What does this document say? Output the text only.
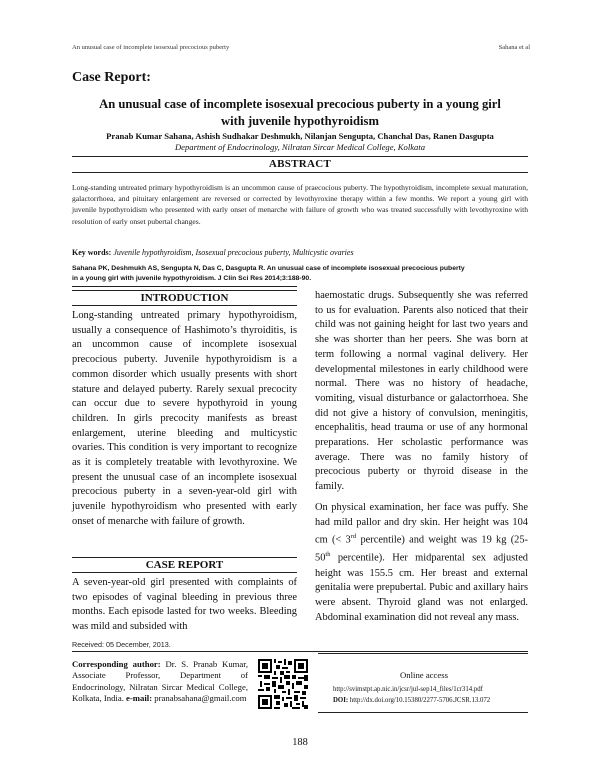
An unusual case of incomplete isosexual precocious puberty	Sahana et al
Case Report:
An unusual case of incomplete isosexual precocious puberty in a young girl
with juvenile hypothyroidism
Pranab Kumar Sahana, Ashish Sudhakar Deshmukh, Nilanjan Sengupta, Chanchal Das, Ranen Dasgupta
Department of Endocrinology, Nilratan Sircar Medical College, Kolkata
ABSTRACT
Long-standing untreated primary hypothyroidism is an uncommon cause of praecocious puberty. The hypothyroidism, incomplete sexual maturation, galactorrhoea, and pituitary enlargement are reversed or corrected by levothyroxine therapy within a few months. We report a young girl with juvenile hypothyroidism who presented with early onset of menarche with failure of growth who was treated successfully with levothyroxine with resolution of early onset pubertal changes.
Key words: Juvenile hypothyroidism, Isosexual precocious puberty, Multicystic ovaries
Sahana PK, Deshmukh AS, Sengupta N, Das C, Dasgupta R. An unusual case of incomplete isosexual precocious puberty
in a young girl with juvenile hypothyroidism. J Clin Sci Res 2014;3:188-90.
INTRODUCTION

Long-standing untreated primary hypothyroidism, usually a consequence of Hashimoto’s thyroiditis, is an uncommon cause of incomplete isosexual precocious puberty. Juvenile hypothyroidism is a common disorder which usually presents with short stature and delayed puberty. Rarely sexual precocity can occur due to severe hypothyroid in young children. In girls precocity manifests as breast enlargement, uterine bleeding and multicystic ovaries. This condition is very important to recognize as it is completely treatable with levothyroxine. We present the unusual case of an incomplete isosexual precocious puberty in a seven-year-old girl with juvenile hypothyroidism who presented with early onset of menarche with failure of growth.

CASE REPORT

A seven-year-old girl presented with complaints of two episodes of vaginal bleeding in previous three months. Each episode lasted for two weeks. Bleeding was mild and subsided with

haemostatic drugs. Subsequently she was referred to us for evaluation. Parents also noticed that their child was not gaining height for last two years and she was shorter than her peers. She was born at term following a normal vaginal delivery. Her developmental milestones in early childhood were normal. There was no history of headache, vomiting, visual disturbance or galactorrhoea. She did not give a history of convulsion, meningitis, encephalitis, head trauma or use of any hormonal preparations. Her scholastic performance was average. There was no family history of precocious puberty or thyroid disease in the family.

On physical examination, her face was puffy. She had mild pallor and dry skin. Her height was 104 cm (< 3rd percentile) and weight was 19 kg (25-50th percentile). Her midparental sex adjusted height was 155.5 cm. Her breast and external genitalia were prepubertal. Pubic and axillary hairs were absent. Thyroid gland was not enlarged. Abdominal examination did not reveal any mass.

Received: 05 December, 2013.
Corresponding author: Dr. S. Pranab Kumar, Associate Professor, Department of Endocrinology, Nilratan Sircar Medical College, Kolkata, India. e-mail: pranabsahana@gmail.com
Online access
http://svimstpt.ap.nic.in/jcsr/jul-sep14_files/1cr314.pdf
DOI: http://dx.doi.org/10.15380/2277-5706.JCSR.13.072
188
